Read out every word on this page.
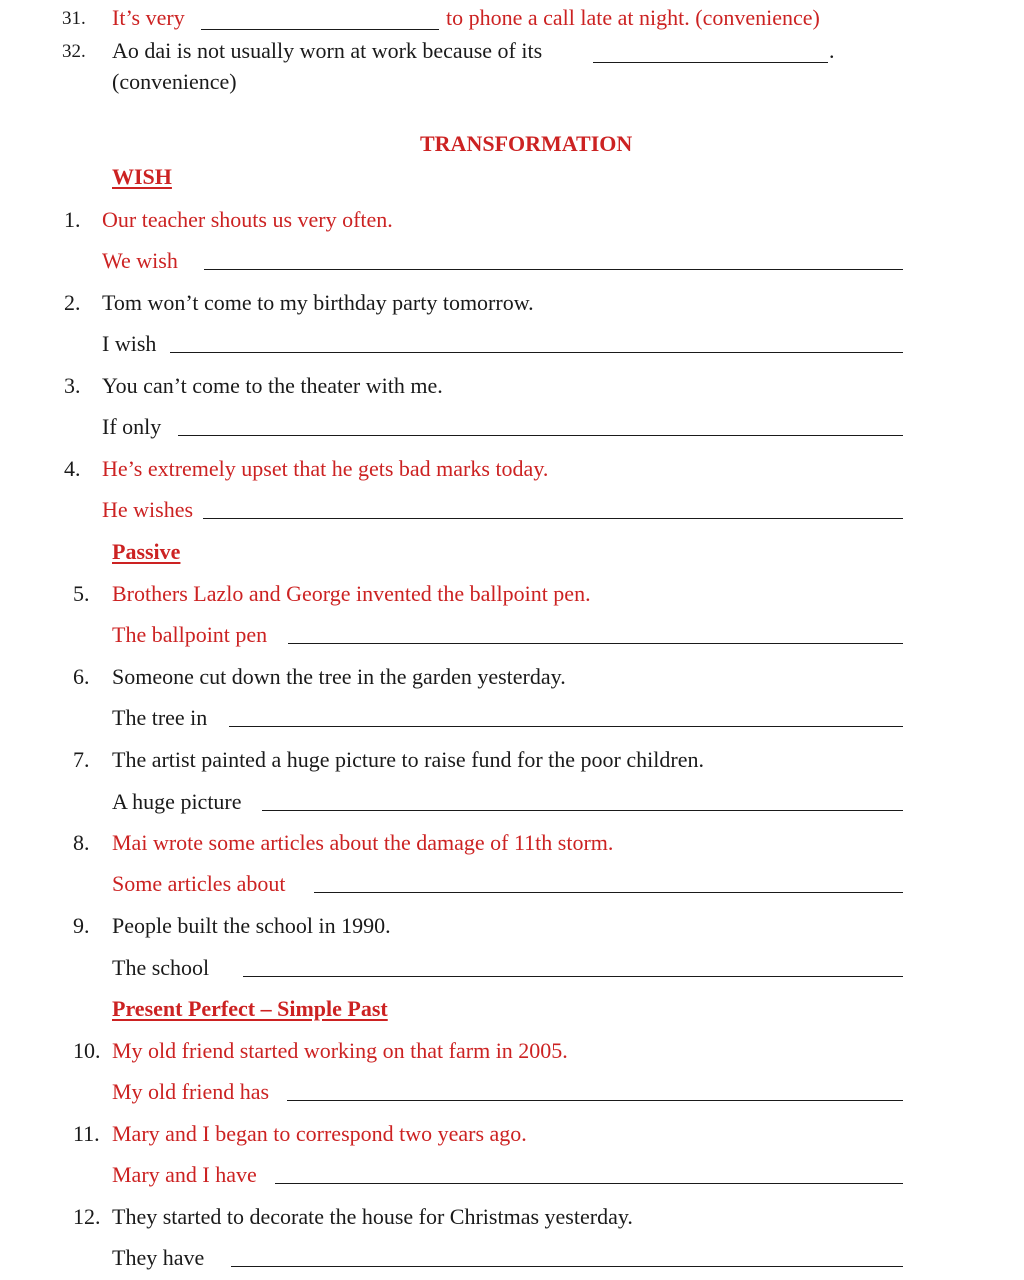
31. It’s very	to phone a call late at night. (convenience)
32. Ao dai is not usually worn at work because of its	.
(convenience)
TRANSFORMATION
WISH
1. Our teacher shouts us very often.
We wish
2. Tom won’t come to my birthday party tomorrow.
I wish
3. You can’t come to the theater with me.
If only
4. He’s extremely upset that he gets bad marks today.
He wishes
Passive
5. Brothers Lazlo and George invented the ballpoint pen.
The ballpoint pen
6. Someone cut down the tree in the garden yesterday.
The tree in
7. The artist painted a huge picture to raise fund for the poor children.
A huge picture
8. Mai wrote some articles about the damage of 11th storm.
Some articles about
9. People built the school in 1990.
The school
Present Perfect – Simple Past
10. My old friend started working on that farm in 2005.
My old friend has
11. Mary and I began to correspond two years ago.
Mary and I have
12. They started to decorate the house for Christmas yesterday.
They have
